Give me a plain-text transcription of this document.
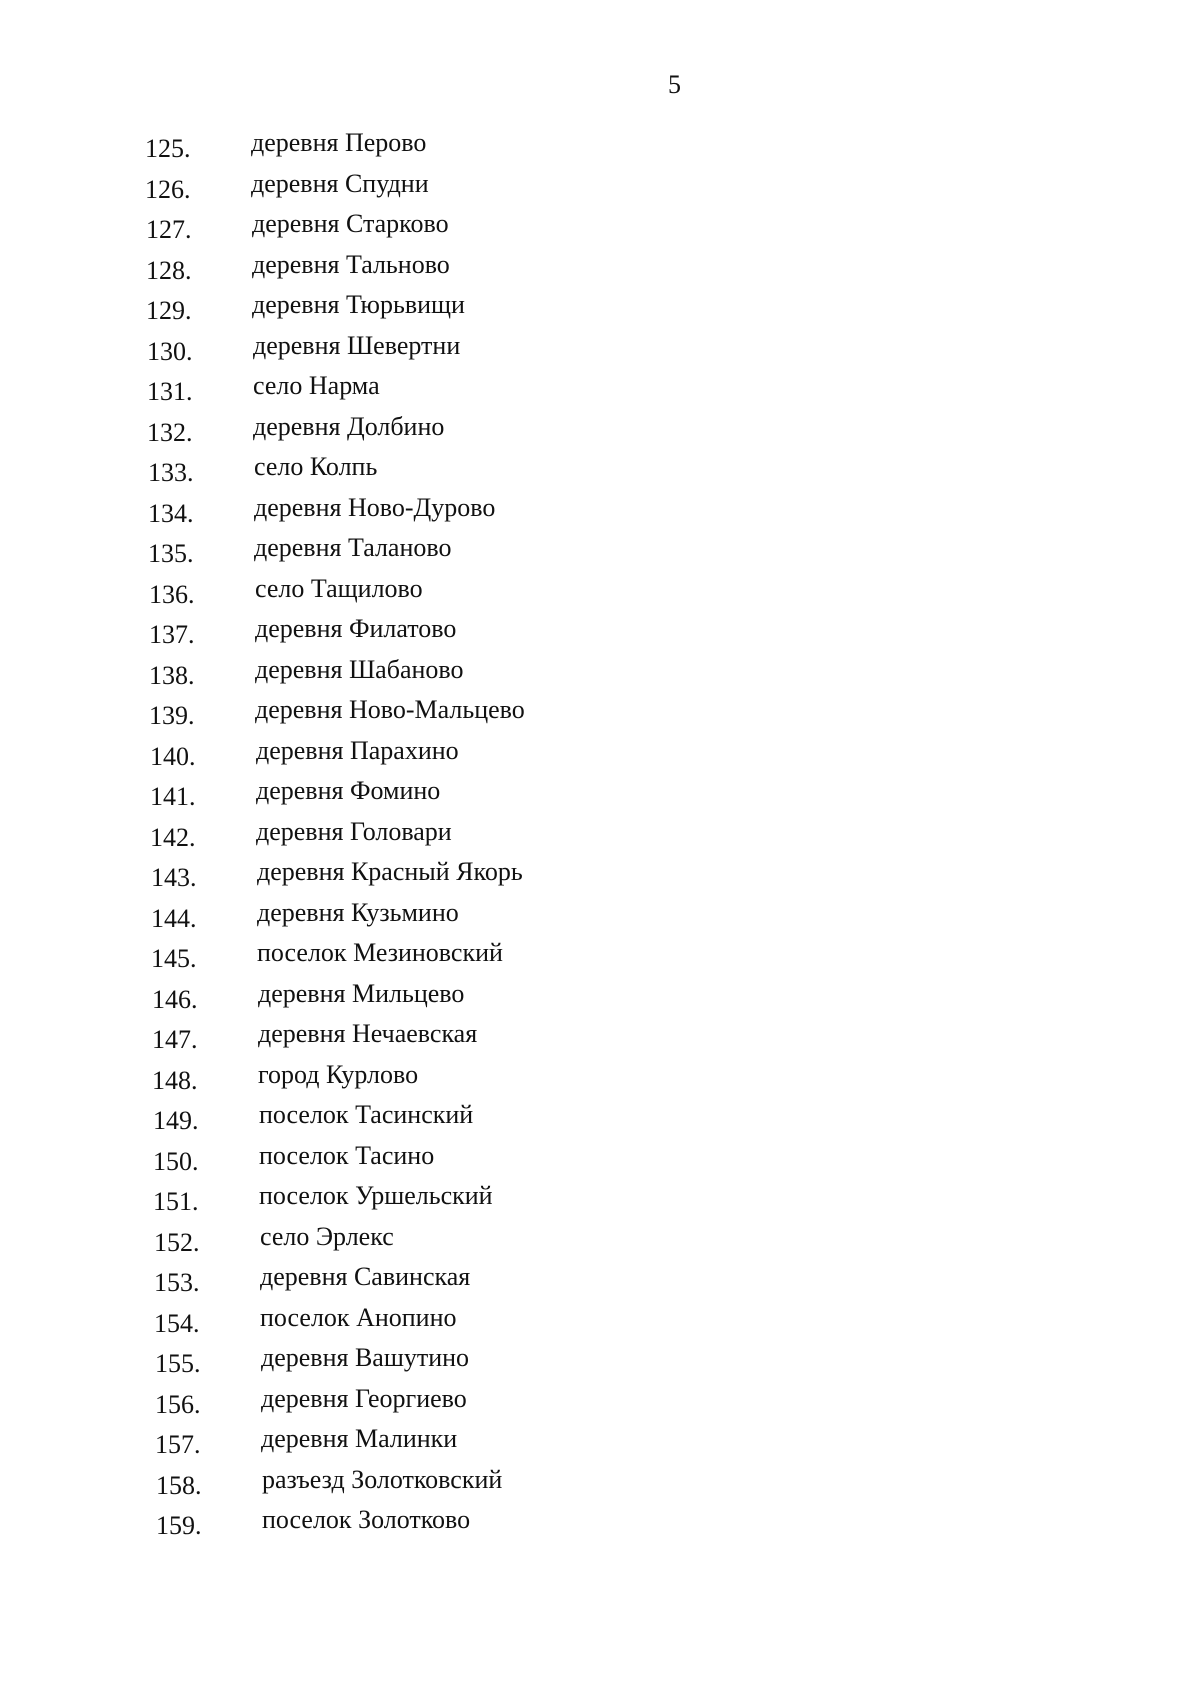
5
125. деревня Перово
126. деревня Спудни
127. деревня Старково
128. деревня Тальново
129. деревня Тюрьвищи
130. деревня Шевертни
131. село Нарма
132. деревня Долбино
133. село Колпь
134. деревня Ново-Дурово
135. деревня Таланово
136. село Тащилово
137. деревня Филатово
138. деревня Шабаново
139. деревня Ново-Мальцево
140. деревня Парахино
141. деревня Фомино
142. деревня Головари
143. деревня Красный Якорь
144. деревня Кузьмино
145. поселок Мезиновский
146. деревня Мильцево
147. деревня Нечаевская
148. город Курлово
149. поселок Тасинский
150. поселок Тасино
151. поселок Уршельский
152. село Эрлекс
153. деревня Савинская
154. поселок Анопино
155. деревня Вашутино
156. деревня Георгиево
157. деревня Малинки
158. разъезд Золотковский
159. поселок Золотково
